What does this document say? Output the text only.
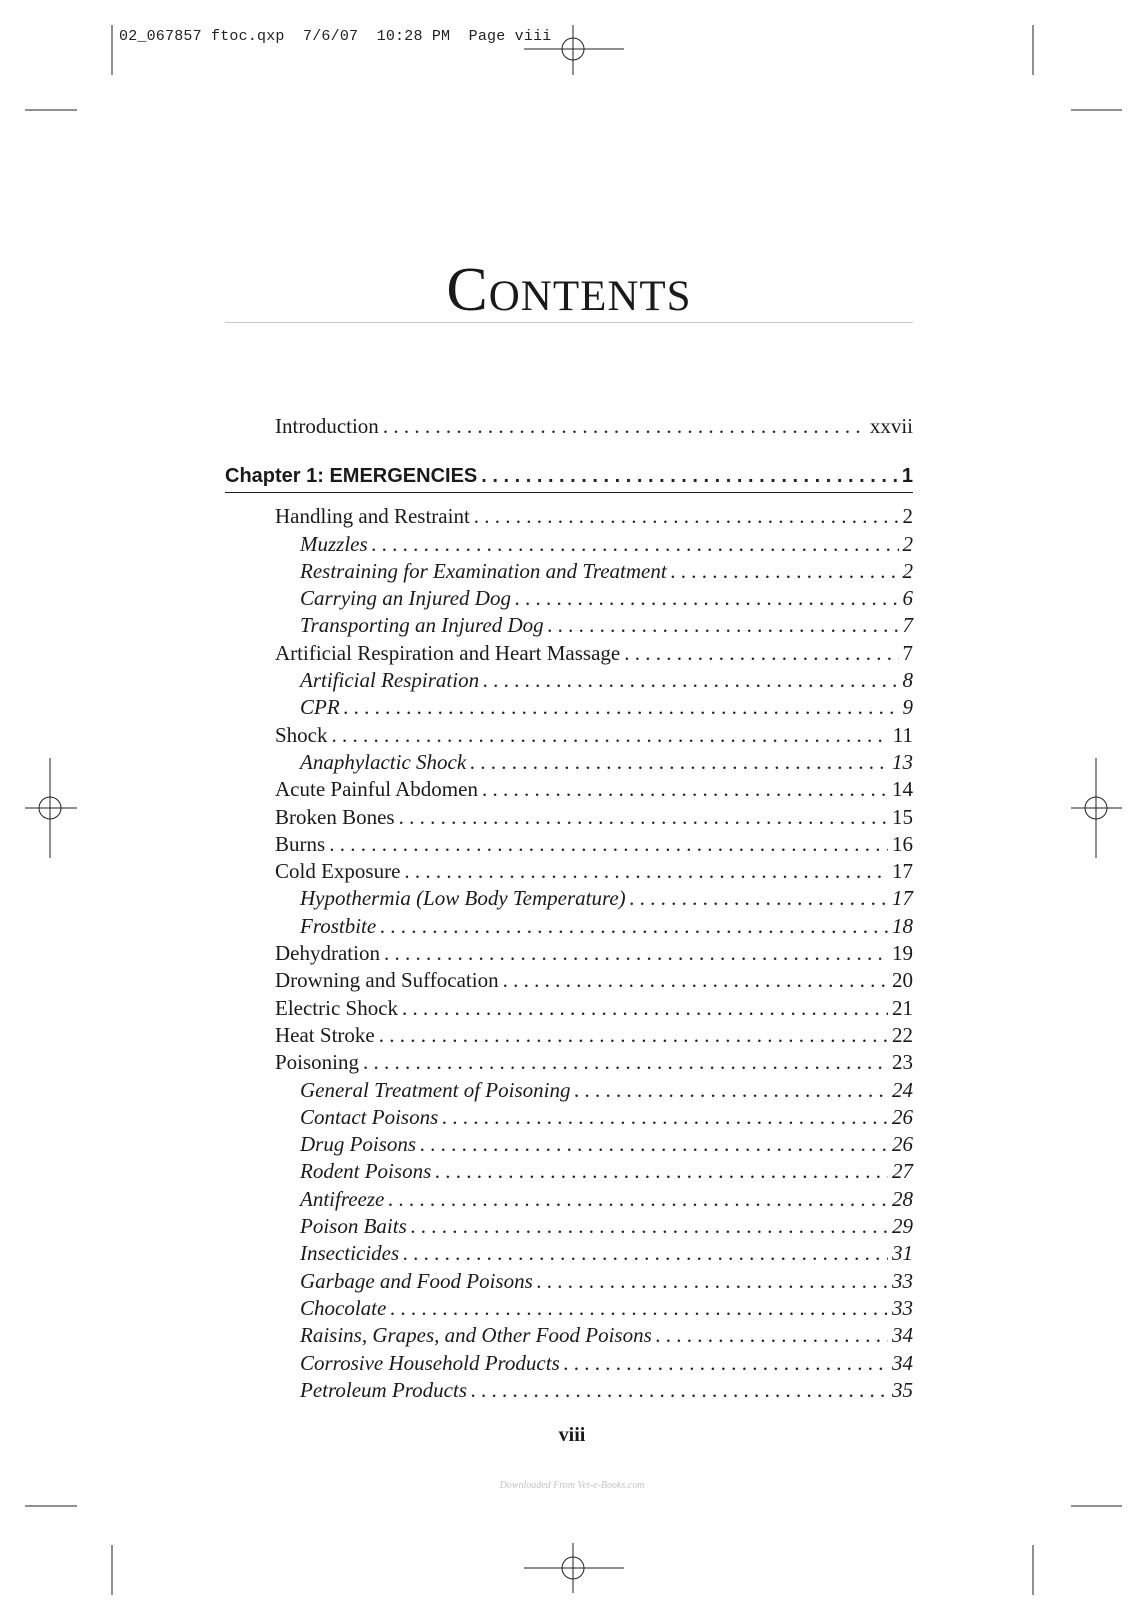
02_067857 ftoc.qxp  7/6/07  10:28 PM  Page viii
Contents
Introduction . . .	xxvii
Chapter 1: EMERGENCIES . . .	1
Handling and Restraint . . .	2
Muzzles . . .	2
Restraining for Examination and Treatment . . .	2
Carrying an Injured Dog . . .	6
Transporting an Injured Dog . . .	7
Artificial Respiration and Heart Massage . . .	7
Artificial Respiration . . .	8
CPR . . .	9
Shock . . .	11
Anaphylactic Shock . . .	13
Acute Painful Abdomen . . .	14
Broken Bones . . .	15
Burns . . .	16
Cold Exposure . . .	17
Hypothermia (Low Body Temperature) . . .	17
Frostbite . . .	18
Dehydration . . .	19
Drowning and Suffocation . . .	20
Electric Shock . . .	21
Heat Stroke . . .	22
Poisoning . . .	23
General Treatment of Poisoning . . .	24
Contact Poisons . . .	26
Drug Poisons . . .	26
Rodent Poisons . . .	27
Antifreeze . . .	28
Poison Baits . . .	29
Insecticides . . .	31
Garbage and Food Poisons . . .	33
Chocolate . . .	33
Raisins, Grapes, and Other Food Poisons . . .	34
Corrosive Household Products . . .	34
Petroleum Products . . .	35
viii
Downloaded From Vet-e-Books.com
